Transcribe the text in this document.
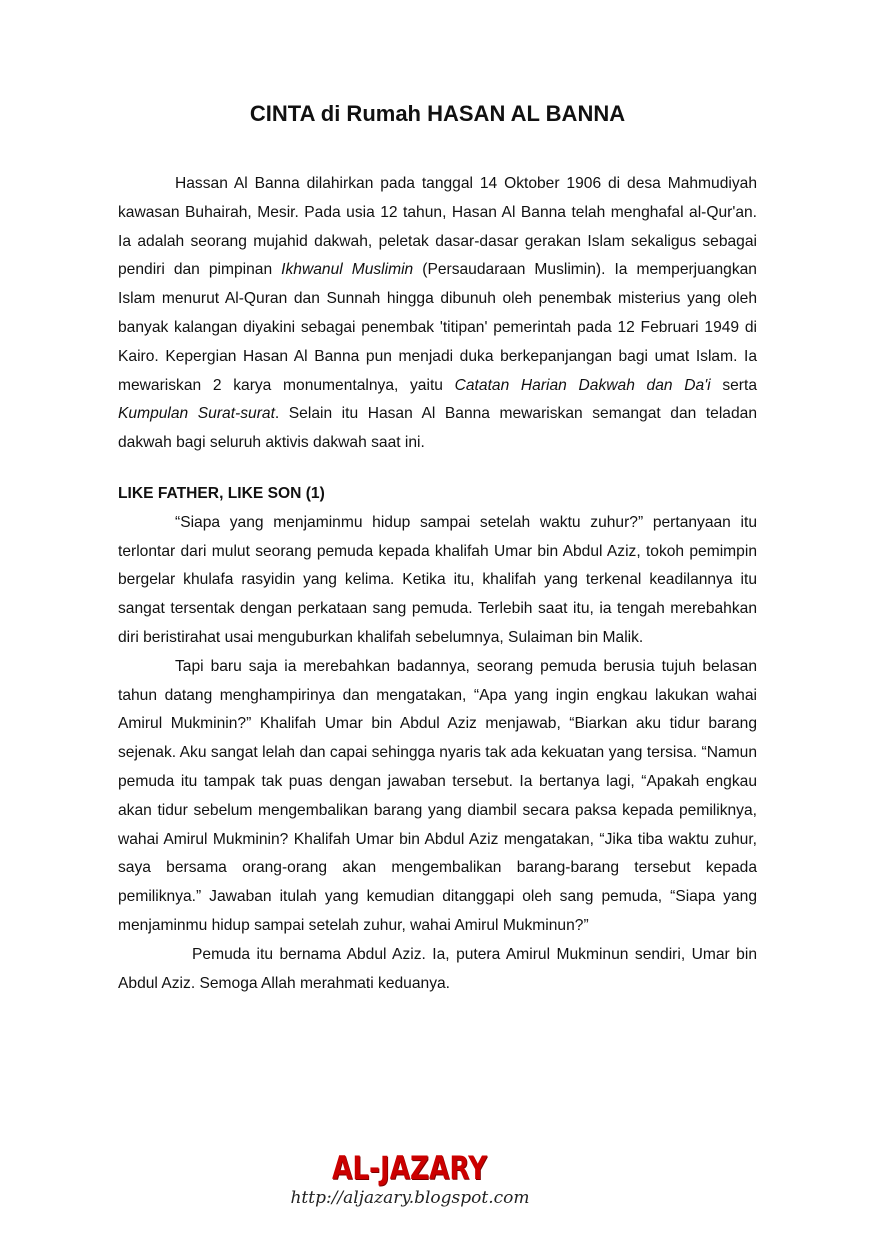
CINTA di Rumah HASAN AL BANNA

Hassan Al Banna dilahirkan pada tanggal 14 Oktober 1906 di desa Mahmudiyah kawasan Buhairah, Mesir. Pada usia 12 tahun, Hasan Al Banna telah menghafal al-Qur'an. Ia adalah seorang mujahid dakwah, peletak dasar-dasar gerakan Islam sekaligus sebagai pendiri dan pimpinan Ikhwanul Muslimin (Persaudaraan Muslimin). Ia memperjuangkan Islam menurut Al-Quran dan Sunnah hingga dibunuh oleh penembak misterius yang oleh banyak kalangan diyakini sebagai penembak 'titipan' pemerintah pada 12 Februari 1949 di Kairo. Kepergian Hasan Al Banna pun menjadi duka berkepanjangan bagi umat Islam. Ia mewariskan 2 karya monumentalnya, yaitu Catatan Harian Dakwah dan Da'i serta Kumpulan Surat-surat. Selain itu Hasan Al Banna mewariskan semangat dan teladan dakwah bagi seluruh aktivis dakwah saat ini.

LIKE FATHER, LIKE SON (1)

“Siapa yang menjaminmu hidup sampai setelah waktu zuhur?” pertanyaan itu terlontar dari mulut seorang pemuda kepada khalifah Umar bin Abdul Aziz, tokoh pemimpin bergelar khulafa rasyidin yang kelima. Ketika itu, khalifah yang terkenal keadilannya itu sangat tersentak dengan perkataan sang pemuda. Terlebih saat itu, ia tengah merebahkan diri beristirahat usai menguburkan khalifah sebelumnya, Sulaiman bin Malik.

Tapi baru saja ia merebahkan badannya, seorang pemuda berusia tujuh belasan tahun datang menghampirinya dan mengatakan, “Apa yang ingin engkau lakukan wahai Amirul Mukminin?” Khalifah Umar bin Abdul Aziz menjawab, “Biarkan aku tidur barang sejenak. Aku sangat lelah dan capai sehingga nyaris tak ada kekuatan yang tersisa. “Namun pemuda itu tampak tak puas dengan jawaban tersebut. Ia bertanya lagi, “Apakah engkau akan tidur sebelum mengembalikan barang yang diambil secara paksa kepada pemiliknya, wahai Amirul Mukminin? Khalifah Umar bin Abdul Aziz mengatakan, “Jika tiba waktu zuhur, saya bersama orang-orang akan mengembalikan barang-barang tersebut kepada pemiliknya.” Jawaban itulah yang kemudian ditanggapi oleh sang pemuda, “Siapa yang menjaminmu hidup sampai setelah zuhur, wahai Amirul Mukminun?”

Pemuda itu bernama Abdul Aziz. Ia, putera Amirul Mukminun sendiri, Umar bin Abdul Aziz. Semoga Allah merahmati keduanya.

AL-JAZARY
http://aljazary.blogspot.com
